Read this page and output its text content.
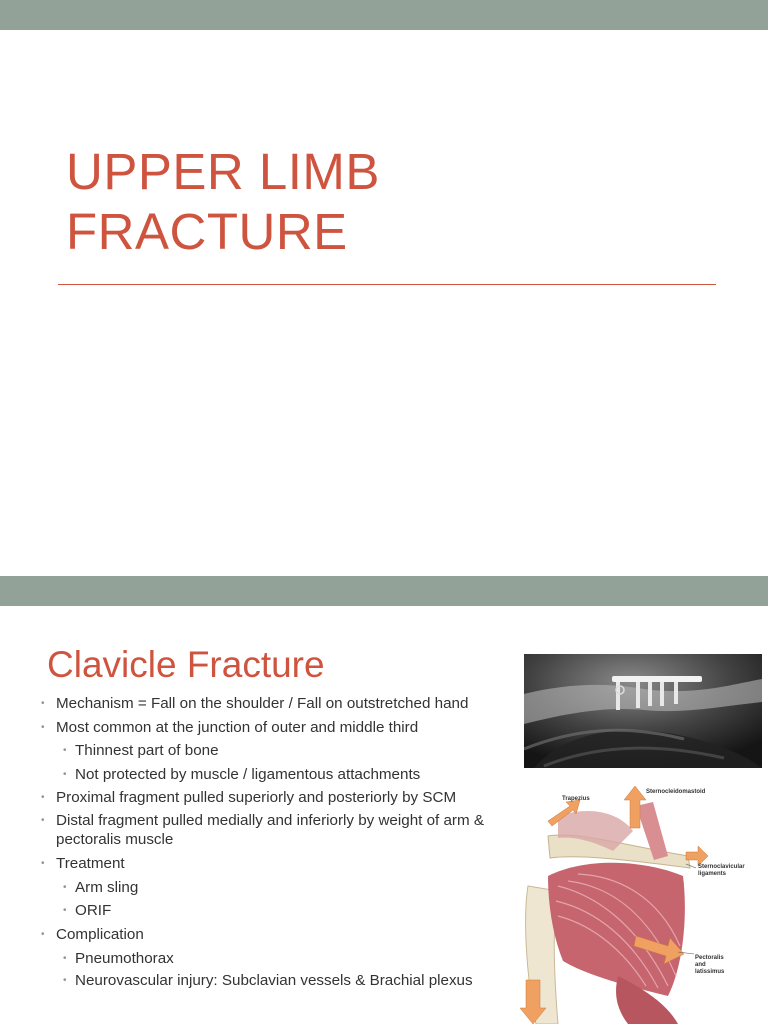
UPPER LIMB
FRACTURE
Clavicle Fracture
• Mechanism = Fall on the shoulder / Fall on outstretched hand
• Most common at the junction of outer and middle third
• Thinnest part of bone
• Not protected by muscle / ligamentous attachments
• Proximal fragment pulled superiorly and posteriorly by SCM
• Distal fragment pulled medially and inferiorly by weight of arm & pectoralis muscle
• Treatment
• Arm sling
• ORIF
• Complication
• Pneumothorax
• Neurovascular injury: Subclavian vessels & Brachial plexus
Trapezius
Sternocleidomastoid
Sternoclavicular
ligaments
Pectoralis
and
latissimus
